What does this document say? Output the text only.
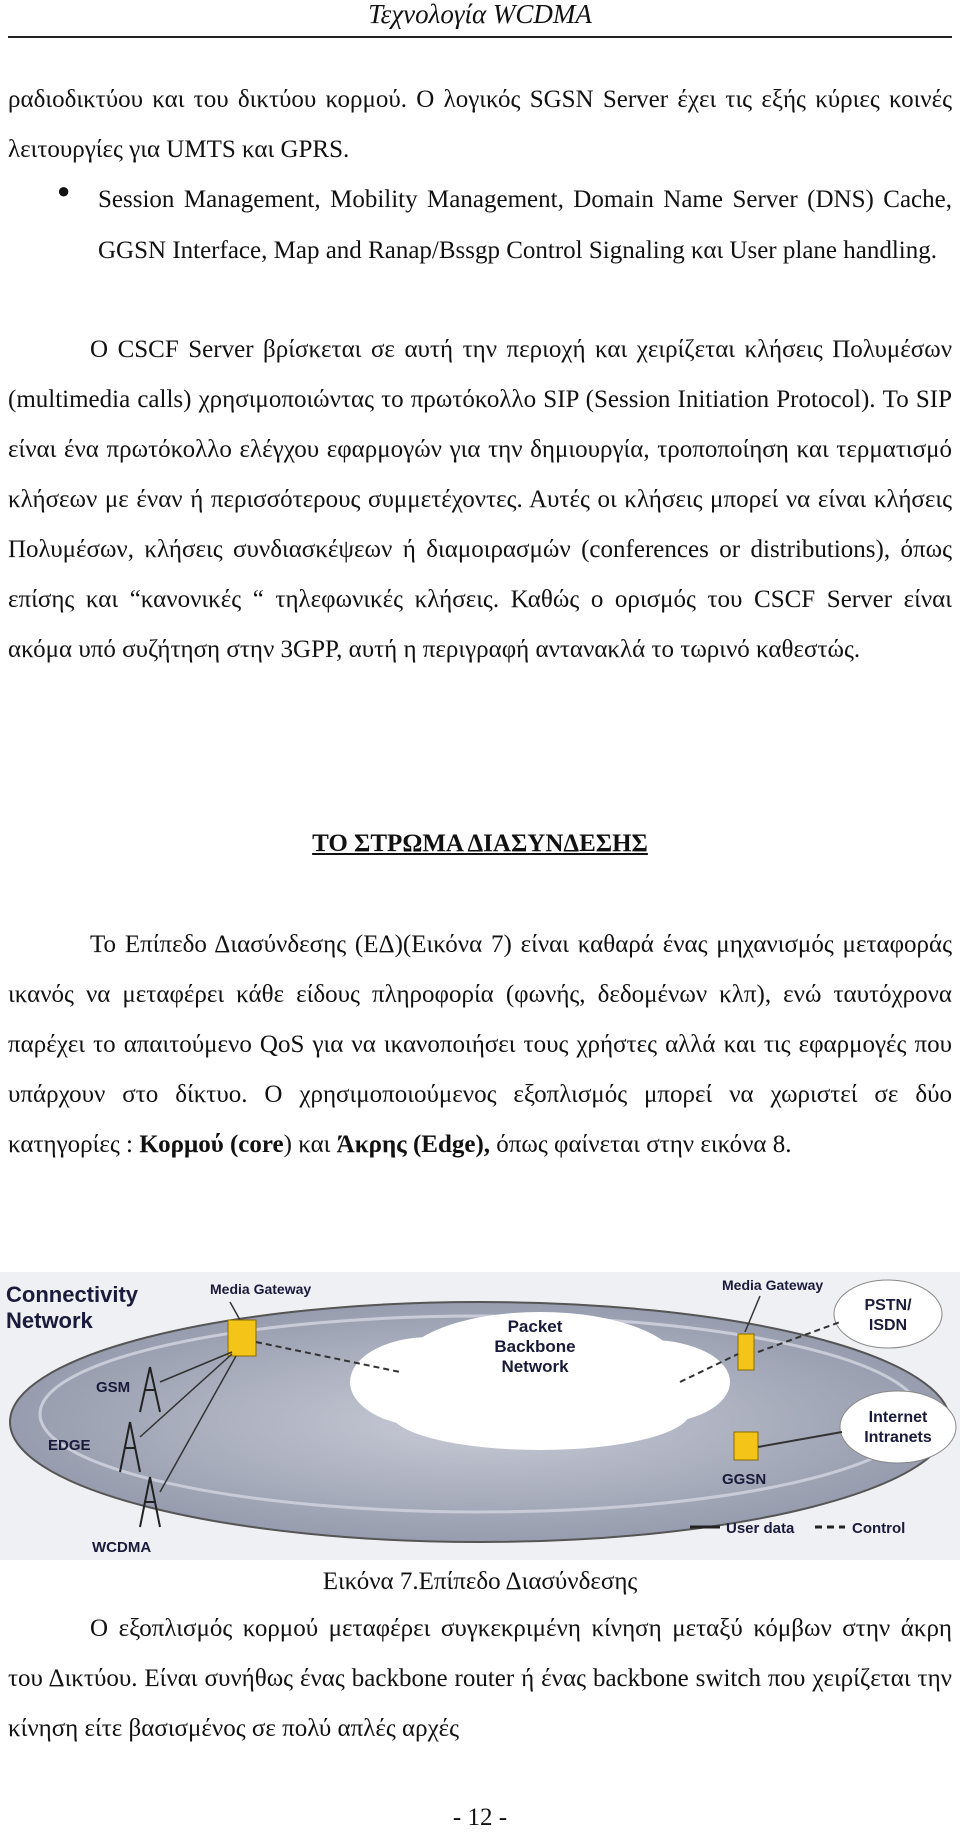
Τεχνολογία WCDMA

ραδιοδικτύου και του δικτύου κορμού. Ο λογικός SGSN Server έχει τις εξής κύριες κοινές λειτουργίες για UMTS και GPRS.

● Session Management, Mobility Management, Domain Name Server (DNS) Cache, GGSN Interface, Map and Ranap/Bssgp Control Signaling και User plane handling.

Ο CSCF Server βρίσκεται σε αυτή την περιοχή και χειρίζεται κλήσεις Πολυμέσων (multimedia calls) χρησιμοποιώντας το πρωτόκολλο SIP (Session Initiation Protocol). Το SIP είναι ένα πρωτόκολλο ελέγχου εφαρμογών για την δημιουργία, τροποποίηση και τερματισμό κλήσεων με έναν ή περισσότερους συμμετέχοντες. Αυτές οι κλήσεις μπορεί να είναι κλήσεις Πολυμέσων, κλήσεις συνδιασκέψεων ή διαμοιρασμών (conferences or distributions), όπως επίσης και “κανονικές “ τηλεφωνικές κλήσεις. Καθώς ο ορισμός του CSCF Server είναι ακόμα υπό συζήτηση στην 3GPP, αυτή η περιγραφή αντανακλά το τωρινό καθεστώς.

ΤΟ ΣΤΡΩΜΑ ΔΙΑΣΥΝΔΕΣΗΣ

Το Επίπεδο Διασύνδεσης (ΕΔ)(Εικόνα 7) είναι καθαρά ένας μηχανισμός μεταφοράς ικανός να μεταφέρει κάθε είδους πληροφορία (φωνής, δεδομένων κλπ), ενώ ταυτόχρονα παρέχει το απαιτούμενο QoS για να ικανοποιήσει τους χρήστες αλλά και τις εφαρμογές που υπάρχουν στο δίκτυο. Ο χρησιμοποιούμενος εξοπλισμός μπορεί να χωριστεί σε δύο κατηγορίες : Κορμού (core) και Άκρης (Edge), όπως φαίνεται στην εικόνα 8.

Packet
Backbone
Network
Connectivity
Network
Media Gateway	Media Gateway
GGSN
PSTN/
ISDN
Internet
Intranets
GSM
EDGE
WCDMA
User data	Control
Εικόνα 7.Επίπεδο Διασύνδεσης

Ο εξοπλισμός κορμού μεταφέρει συγκεκριμένη κίνηση μεταξύ κόμβων στην άκρη του Δικτύου. Είναι συνήθως ένας backbone router ή ένας backbone switch που χειρίζεται την κίνηση είτε βασισμένος σε πολύ απλές αρχές

- 12 -
